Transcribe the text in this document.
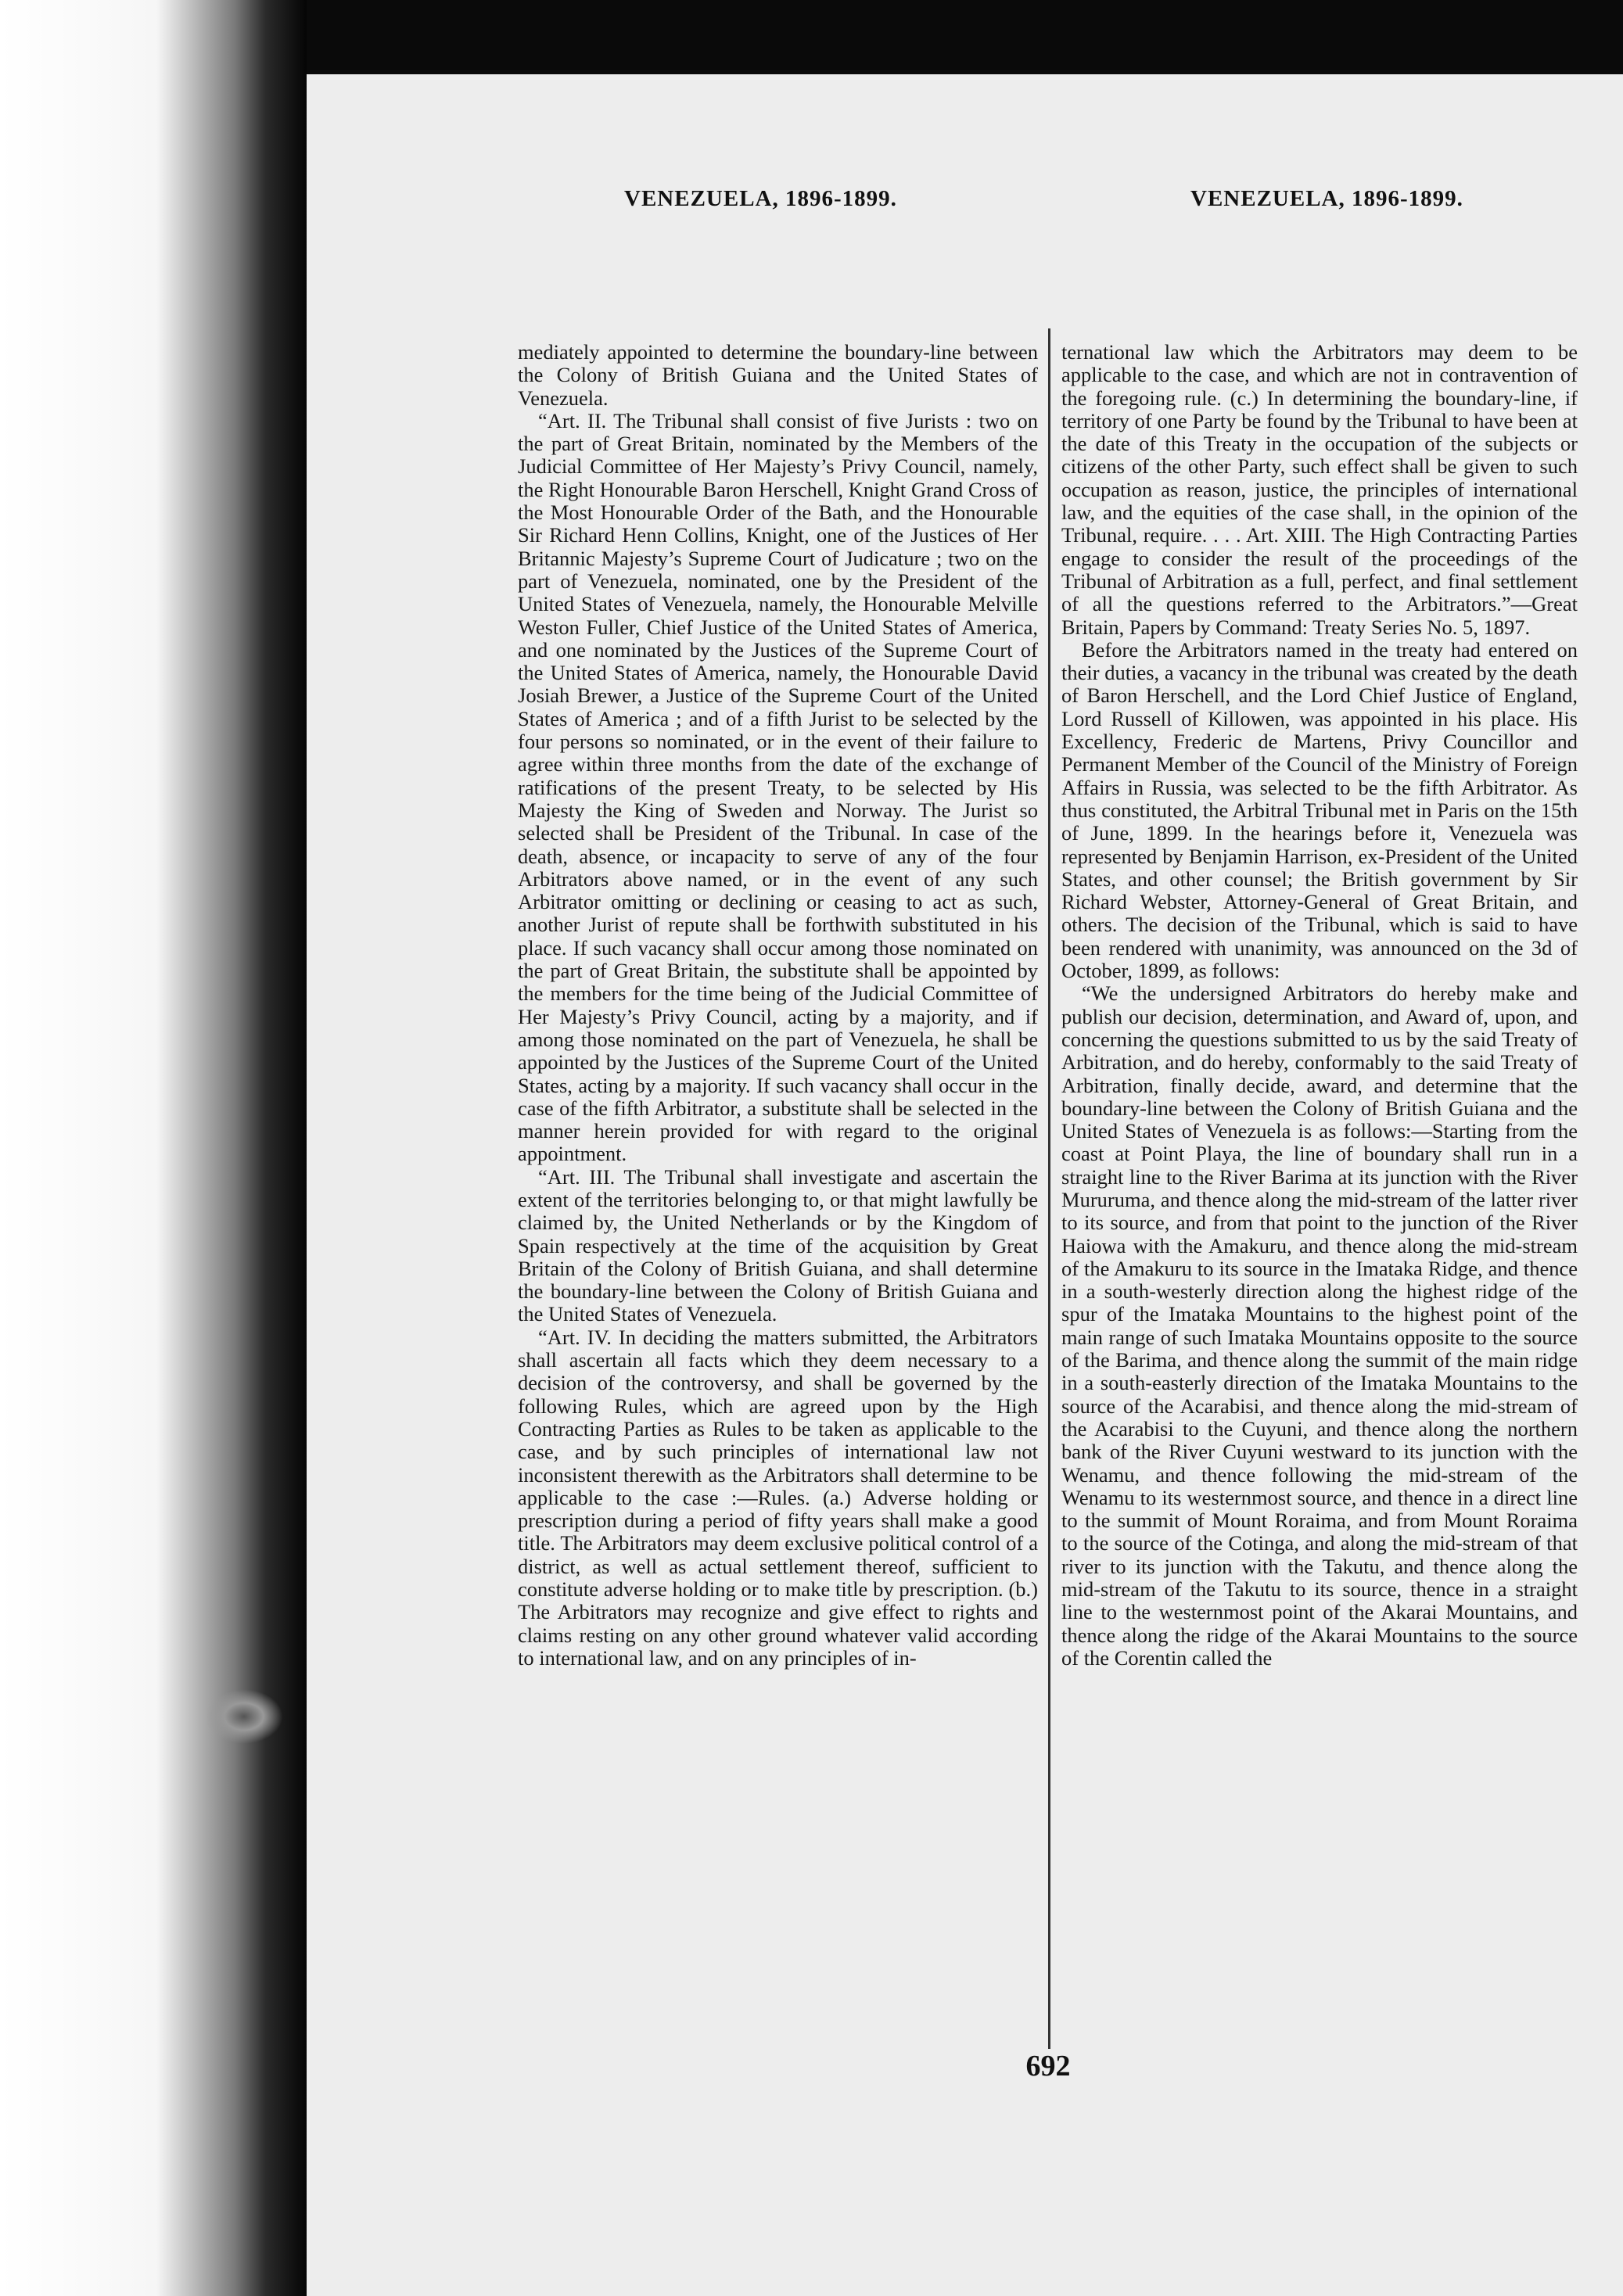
VENEZUELA, 1896-1899.	VENEZUELA, 1896-1899.

mediately appointed to determine the boundary-line between the Colony of British Guiana and the United States of Venezuela.

“Art. II. The Tribunal shall consist of five Jurists : two on the part of Great Britain, nominated by the Members of the Judicial Committee of Her Majesty’s Privy Council, namely, the Right Honourable Baron Herschell, Knight Grand Cross of the Most Honourable Order of the Bath, and the Honourable Sir Richard Henn Collins, Knight, one of the Justices of Her Britannic Majesty’s Supreme Court of Judicature ; two on the part of Venezuela, nominated, one by the President of the United States of Venezuela, namely, the Honourable Melville Weston Fuller, Chief Justice of the United States of America, and one nominated by the Justices of the Supreme Court of the United States of America, namely, the Honourable David Josiah Brewer, a Justice of the Supreme Court of the United States of America ; and of a fifth Jurist to be selected by the four persons so nominated, or in the event of their failure to agree within three months from the date of the exchange of ratifications of the present Treaty, to be selected by His Majesty the King of Sweden and Norway. The Jurist so selected shall be President of the Tribunal. In case of the death, absence, or incapacity to serve of any of the four Arbitrators above named, or in the event of any such Arbitrator omitting or declining or ceasing to act as such, another Jurist of repute shall be forthwith substituted in his place. If such vacancy shall occur among those nominated on the part of Great Britain, the substitute shall be appointed by the members for the time being of the Judicial Committee of Her Majesty’s Privy Council, acting by a majority, and if among those nominated on the part of Venezuela, he shall be appointed by the Justices of the Supreme Court of the United States, acting by a majority. If such vacancy shall occur in the case of the fifth Arbitrator, a substitute shall be selected in the manner herein provided for with regard to the original appointment.

“Art. III. The Tribunal shall investigate and ascertain the extent of the territories belonging to, or that might lawfully be claimed by, the United Netherlands or by the Kingdom of Spain respectively at the time of the acquisition by Great Britain of the Colony of British Guiana, and shall determine the boundary-line between the Colony of British Guiana and the United States of Venezuela.

“Art. IV. In deciding the matters submitted, the Arbitrators shall ascertain all facts which they deem necessary to a decision of the controversy, and shall be governed by the following Rules, which are agreed upon by the High Contracting Parties as Rules to be taken as applicable to the case, and by such principles of international law not inconsistent therewith as the Arbitrators shall determine to be applicable to the case :—Rules. (a.) Adverse holding or prescription during a period of fifty years shall make a good title. The Arbitrators may deem exclusive political control of a district, as well as actual settlement thereof, sufficient to constitute adverse holding or to make title by prescription. (b.) The Arbitrators may recognize and give effect to rights and claims resting on any other ground whatever valid according to international law, and on any principles of in-

ternational law which the Arbitrators may deem to be applicable to the case, and which are not in contravention of the foregoing rule. (c.) In determining the boundary-line, if territory of one Party be found by the Tribunal to have been at the date of this Treaty in the occupation of the subjects or citizens of the other Party, such effect shall be given to such occupation as reason, justice, the principles of international law, and the equities of the case shall, in the opinion of the Tribunal, require. . . . Art. XIII. The High Contracting Parties engage to consider the result of the proceedings of the Tribunal of Arbitration as a full, perfect, and final settlement of all the questions referred to the Arbitrators.”—Great Britain, Papers by Command: Treaty Series No. 5, 1897.

Before the Arbitrators named in the treaty had entered on their duties, a vacancy in the tribunal was created by the death of Baron Herschell, and the Lord Chief Justice of England, Lord Russell of Killowen, was appointed in his place. His Excellency, Frederic de Martens, Privy Councillor and Permanent Member of the Council of the Ministry of Foreign Affairs in Russia, was selected to be the fifth Arbitrator. As thus constituted, the Arbitral Tribunal met in Paris on the 15th of June, 1899. In the hearings before it, Venezuela was represented by Benjamin Harrison, ex-President of the United States, and other counsel; the British government by Sir Richard Webster, Attorney-General of Great Britain, and others. The decision of the Tribunal, which is said to have been rendered with unanimity, was announced on the 3d of October, 1899, as follows:

“We the undersigned Arbitrators do hereby make and publish our decision, determination, and Award of, upon, and concerning the questions submitted to us by the said Treaty of Arbitration, and do hereby, conformably to the said Treaty of Arbitration, finally decide, award, and determine that the boundary-line between the Colony of British Guiana and the United States of Venezuela is as follows:—Starting from the coast at Point Playa, the line of boundary shall run in a straight line to the River Barima at its junction with the River Mururuma, and thence along the mid-stream of the latter river to its source, and from that point to the junction of the River Haiowa with the Amakuru, and thence along the mid-stream of the Amakuru to its source in the Imataka Ridge, and thence in a south-westerly direction along the highest ridge of the spur of the Imataka Mountains to the highest point of the main range of such Imataka Mountains opposite to the source of the Barima, and thence along the summit of the main ridge in a south-easterly direction of the Imataka Mountains to the source of the Acarabisi, and thence along the mid-stream of the Acarabisi to the Cuyuni, and thence along the northern bank of the River Cuyuni westward to its junction with the Wenamu, and thence following the mid-stream of the Wenamu to its westernmost source, and thence in a direct line to the summit of Mount Roraima, and from Mount Roraima to the source of the Cotinga, and along the mid-stream of that river to its junction with the Takutu, and thence along the mid-stream of the Takutu to its source, thence in a straight line to the westernmost point of the Akarai Mountains, and thence along the ridge of the Akarai Mountains to the source of the Corentin called the

692
